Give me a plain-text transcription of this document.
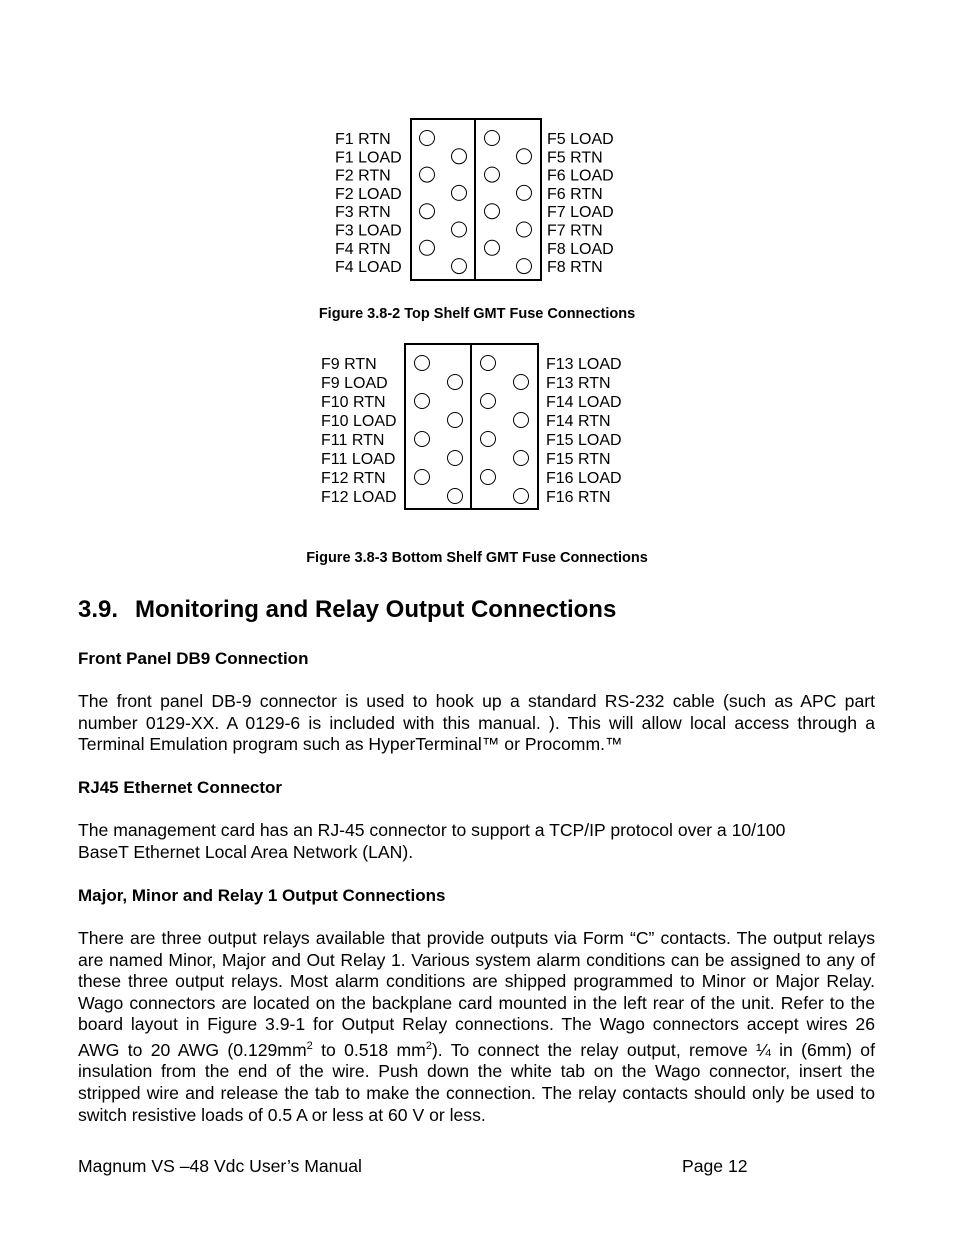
F1 RTN
F1 LOAD
F2 RTN
F2 LOAD
F3 RTN
F3 LOAD
F4 RTN
F4 LOAD
F5 LOAD
F5 RTN
F6 LOAD
F6 RTN
F7 LOAD
F7 RTN
F8 LOAD
F8 RTN
Figure 3.8-2 Top Shelf GMT Fuse Connections
F9 RTN
F9 LOAD
F10 RTN
F10 LOAD
F11 RTN
F11 LOAD
F12 RTN
F12 LOAD
F13 LOAD
F13 RTN
F14 LOAD
F14 RTN
F15 LOAD
F15 RTN
F16 LOAD
F16 RTN
Figure 3.8-3 Bottom Shelf GMT Fuse Connections
3.9. Monitoring and Relay Output Connections
Front Panel DB9 Connection

The front panel DB-9 connector is used to hook up a standard RS-232 cable (such as APC part number 0129-XX. A 0129-6 is included with this manual. ). This will allow local access through a Terminal Emulation program such as HyperTerminal™ or Procomm.™

RJ45 Ethernet Connector

The management card has an RJ-45 connector to support a TCP/IP protocol over a 10/100
BaseT Ethernet Local Area Network (LAN).

Major, Minor and Relay 1 Output Connections

There are three output relays available that provide outputs via Form “C” contacts. The output relays are named Minor, Major and Out Relay 1. Various system alarm conditions can be assigned to any of these three output relays. Most alarm conditions are shipped programmed to Minor or Major Relay. Wago connectors are located on the backplane card mounted in the left rear of the unit. Refer to the board layout in Figure 3.9-1 for Output Relay connections. The Wago connectors accept wires 26 AWG to 20 AWG ($0.129mm^2$ to 0.518 $mm^2$). To connect the relay output, remove ¼ in (6mm) of insulation from the end of the wire. Push down the white tab on the Wago connector, insert the stripped wire and release the tab to make the connection. The relay contacts should only be used to switch resistive loads of 0.5 A or less at 60 V or less.

Magnum VS –48 Vdc User’s Manual	Page 12
